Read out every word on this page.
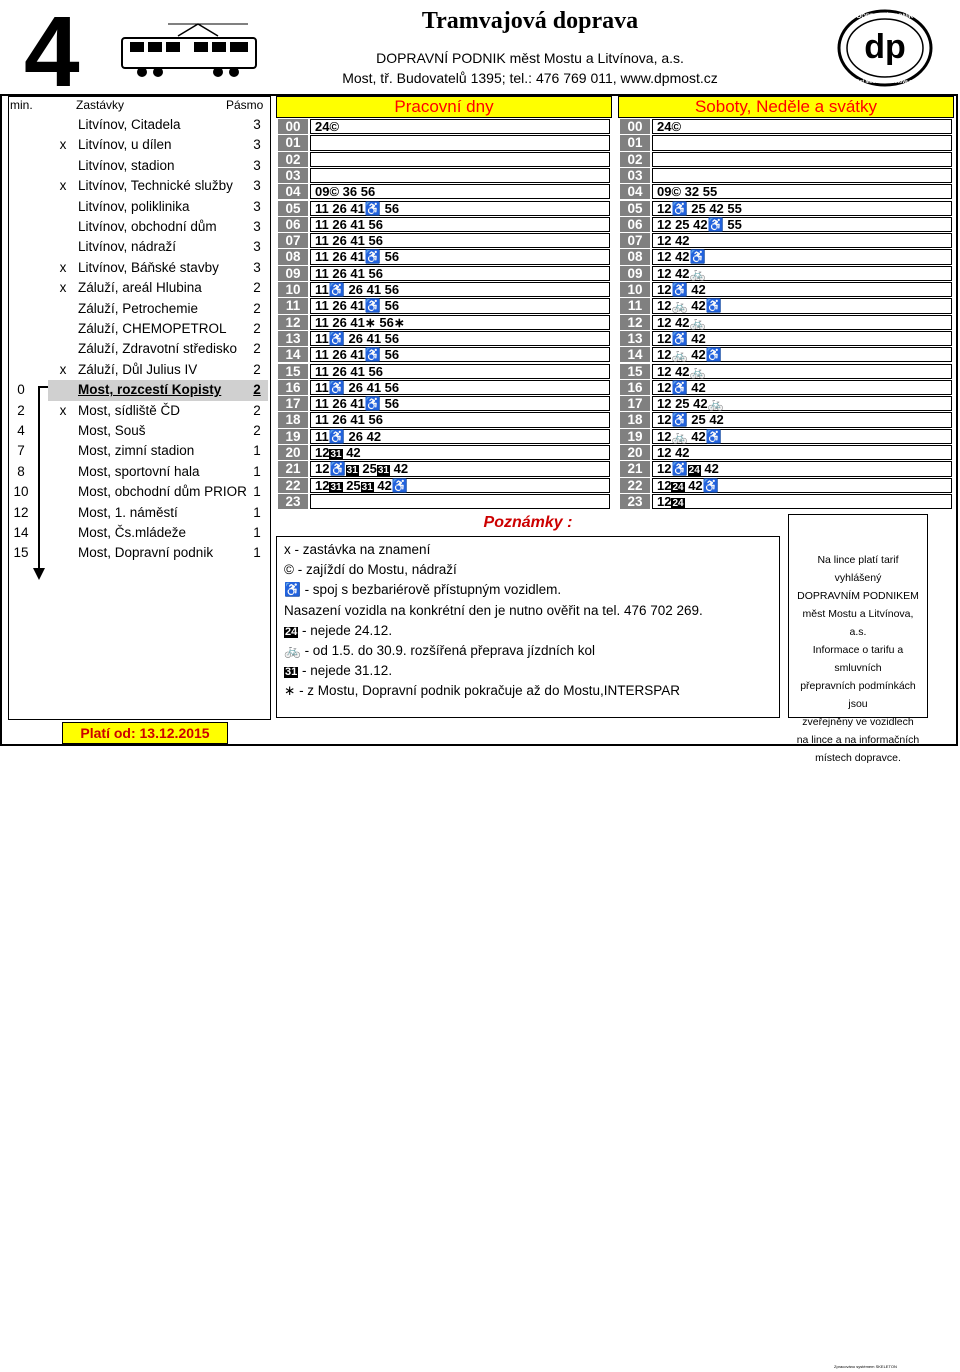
4	Tramvajová doprava
DOPRAVNÍ PODNIK měst Mostu a Litvínova, a.s.
Most, tř. Budovatelů 1395; tel.: 476 769 011, www.dpmost.cz
dp
DOPRAVNÍ PODNIK
měst Mostu a Litvínova a.s.
min.	Zastávky	Pásmo
Litvínov, Citadela	3
x Litvínov, u dílen	3
Litvínov, stadion	3
x Litvínov, Technické služby 3
Litvínov, poliklinika	3
Litvínov, obchodní dům	3
Litvínov, nádraží	3
x Litvínov, Báňské stavby	3
x Záluží, areál Hlubina	2
Záluží, Petrochemie	2
Záluží, CHEMOPETROL 2
Záluží, Zdravotní středisko 2
x Záluží, Důl Julius IV	2
0	Most, rozcestí Kopisty 2
2	x Most, sídliště ČD	2
4	Most, Souš	2
7	Most, zimní stadion	1
8	Most, sportovní hala	1
10	Most, obchodní dům PRIOR 1
12	Most, 1. náměstí	1
14	Most, Čs.mládeže	1
15	Most, Dopravní podnik	1
Platí od: 13.12.2015
Pracovní dny	Soboty, Neděle a svátky
00	24©
01
02
03
04	09© 36 56
05	11 26 41♿ 56
06	11 26 41 56
07	11 26 41 56
08	11 26 41♿ 56
09	11 26 41 56
10	11♿ 26 41 56
11	11 26 41♿ 56
12	11 26 41∗ 56∗
13	11♿ 26 41 56
14	11 26 41♿ 56
15	11 26 41 56
16	11♿ 26 41 56
17	11 26 41♿ 56
18	11 26 41 56
19	11♿ 26 42
20	1231 42
21	12♿31 2531 42
22	1231 2531 42♿
23
00	24©
01
02
03
04	09© 32 55
05	12♿ 25 42 55
06	12 25 42♿ 55
07	12 42
08	12 42♿
09	12 42🚲
10	12♿ 42
11	12🚲 42♿
12	12 42🚲
13	12♿ 42
14	12🚲 42♿
15	12 42🚲
16	12♿ 42
17	12 25 42🚲
18	12♿ 25 42
19	12🚲 42♿
20	12 42
21	12♿24 42
22	1224 42♿
23	1224
Poznámky :
x - zastávka na znamení
© - zajíždí do Mostu, nádraží
♿ - spoj s bezbariérově přístupným vozidlem.
Nasazení vozidla na konkrétní den je nutno ověřit na tel. 476 702 269.
24 - nejede 24.12.
🚲 - od 1.5. do 30.9. rozšířená přeprava jízdních kol
31 - nejede 31.12.
∗ - z Mostu, Dopravní podnik pokračuje až do Mostu,INTERSPAR
Na lince platí tarif vyhlášený
DOPRAVNÍM PODNIKEM
měst Mostu a Litvínova, a.s.
Informace o tarifu a smluvních
přepravních podmínkách jsou
zveřejněny ve vozidlech
na lince a na informačních
místech dopravce.
Zpracováno systémem SKELETON
